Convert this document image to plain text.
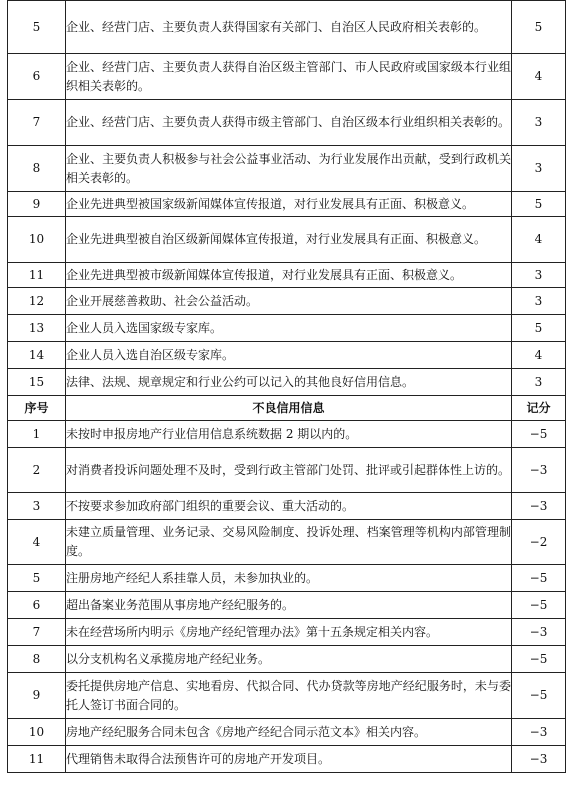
5	企业、经营门店、主要负责人获得国家有关部门、自治区人民政府相关表彰的。	5
6	企业、经营门店、主要负责人获得自治区级主管部门、市人民政府或国家级本行业组织相关表彰的。	4
7	企业、经营门店、主要负责人获得市级主管部门、自治区级本行业组织相关表彰的。	3
8	企业、主要负责人积极参与社会公益事业活动、为行业发展作出贡献，受到行政机关相关表彰的。	3
9	企业先进典型被国家级新闻媒体宣传报道，对行业发展具有正面、积极意义。	5
10	企业先进典型被自治区级新闻媒体宣传报道，对行业发展具有正面、积极意义。	4
11	企业先进典型被市级新闻媒体宣传报道，对行业发展具有正面、积极意义。	3
12	企业开展慈善救助、社会公益活动。	3
13	企业人员入选国家级专家库。	5
14	企业人员入选自治区级专家库。	4
15	法律、法规、规章规定和行业公约可以记入的其他良好信用信息。	3
序号	不良信用信息	记分
1	未按时申报房地产行业信用信息系统数据 2 期以内的。	−5
2	对消费者投诉问题处理不及时，受到行政主管部门处罚、批评或引起群体性上访的。	−3
3	不按要求参加政府部门组织的重要会议、重大活动的。	−3
4	未建立质量管理、业务记录、交易风险制度、投诉处理、档案管理等机构内部管理制度。	−2
5	注册房地产经纪人系挂靠人员，未参加执业的。	−5
6	超出备案业务范围从事房地产经纪服务的。	−5
7	未在经营场所内明示《房地产经纪管理办法》第十五条规定相关内容。	−3
8	以分支机构名义承揽房地产经纪业务。	−5
9	委托提供房地产信息、实地看房、代拟合同、代办贷款等房地产经纪服务时，未与委托人签订书面合同的。	−5
10	房地产经纪服务合同未包含《房地产经纪合同示范文本》相关内容。	−3
11	代理销售未取得合法预售许可的房地产开发项目。	−3
